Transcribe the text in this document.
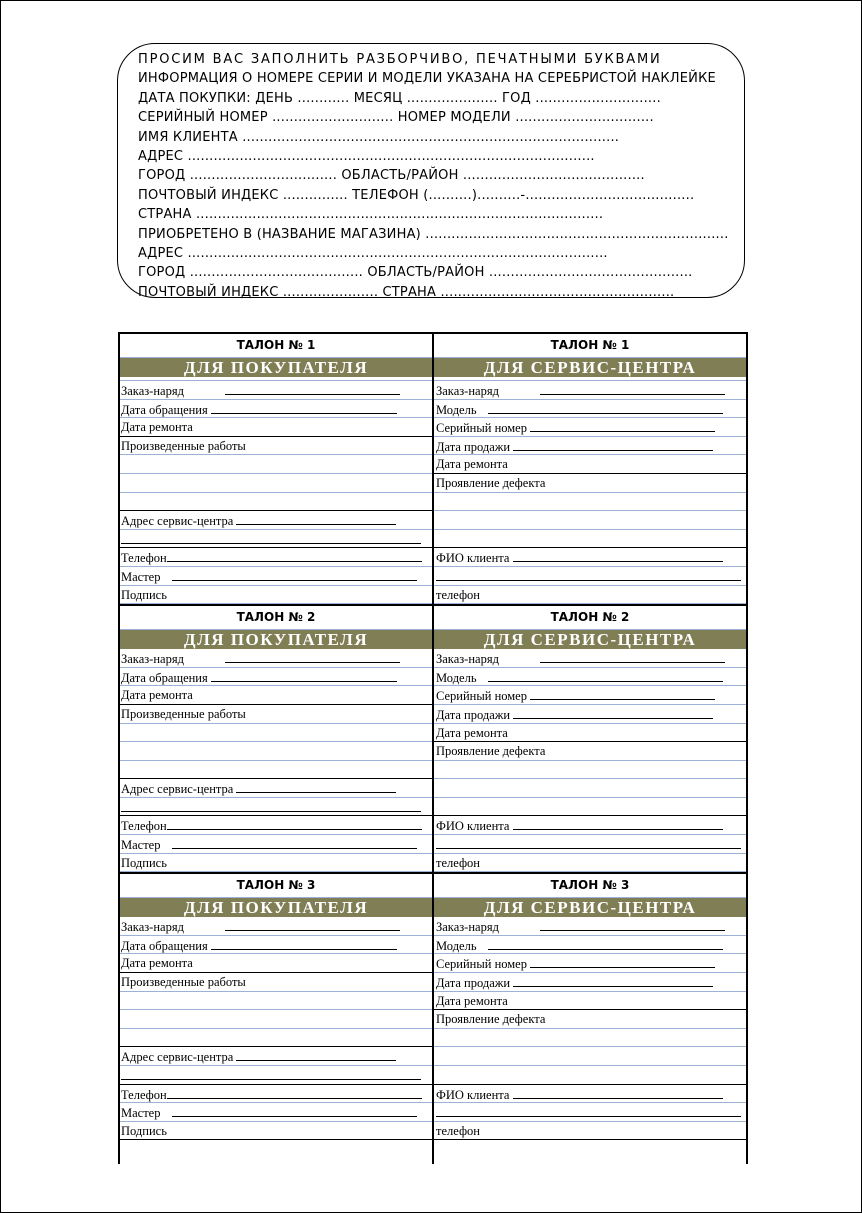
ПРОСИМ ВАС ЗАПОЛНИТЬ РАЗБОРЧИВО, ПЕЧАТНЫМИ БУКВАМИ
ИНФОРМАЦИЯ О НОМЕРЕ СЕРИИ И МОДЕЛИ УКАЗАНА НА СЕРЕБРИСТОЙ НАКЛЕЙКЕ
ДАТА ПОКУПКИ: ДЕНЬ ............ МЕСЯЦ ..................... ГОД .............................
СЕРИЙНЫЙ НОМЕР ............................ НОМЕР МОДЕЛИ ................................
ИМЯ КЛИЕНТА .......................................................................................
АДРЕС ..............................................................................................
ГОРОД .................................. ОБЛАСТЬ/РАЙОН ..........................................
ПОЧТОВЫЙ ИНДЕКС ............... ТЕЛЕФОН (..........)..........-.......................................
СТРАНА ..............................................................................................
ПРИОБРЕТЕНО В (НАЗВАНИЕ МАГАЗИНА) ......................................................................
АДРЕС .................................................................................................
ГОРОД ........................................ ОБЛАСТЬ/РАЙОН ...............................................
ПОЧТОВЫЙ ИНДЕКС ...................... СТРАНА ......................................................
ТАЛОН № 1
ДЛЯ ПОКУПАТЕЛЯ
Заказ-наряд
Дата обращения
Дата ремонта
Произведенные работы
Адрес сервис-центра
Телефон
Мастер
Подпись
ТАЛОН № 2
ДЛЯ ПОКУПАТЕЛЯ
Заказ-наряд
Дата обращения
Дата ремонта
Произведенные работы
Адрес сервис-центра
Телефон
Мастер
Подпись
ТАЛОН № 3
ДЛЯ ПОКУПАТЕЛЯ
Заказ-наряд
Дата обращения
Дата ремонта
Произведенные работы
Адрес сервис-центра
Телефон
Мастер
Подпись
ТАЛОН № 1
ДЛЯ СЕРВИС-ЦЕНТРА
Заказ-наряд
Модель
Серийный номер
Дата продажи
Дата ремонта
Проявление дефекта
ФИО клиента
телефон
ТАЛОН № 2
ДЛЯ СЕРВИС-ЦЕНТРА
Заказ-наряд
Модель
Серийный номер
Дата продажи
Дата ремонта
Проявление дефекта
ФИО клиента
телефон
ТАЛОН № 3
ДЛЯ СЕРВИС-ЦЕНТРА
Заказ-наряд
Модель
Серийный номер
Дата продажи
Дата ремонта
Проявление дефекта
ФИО клиента
телефон
